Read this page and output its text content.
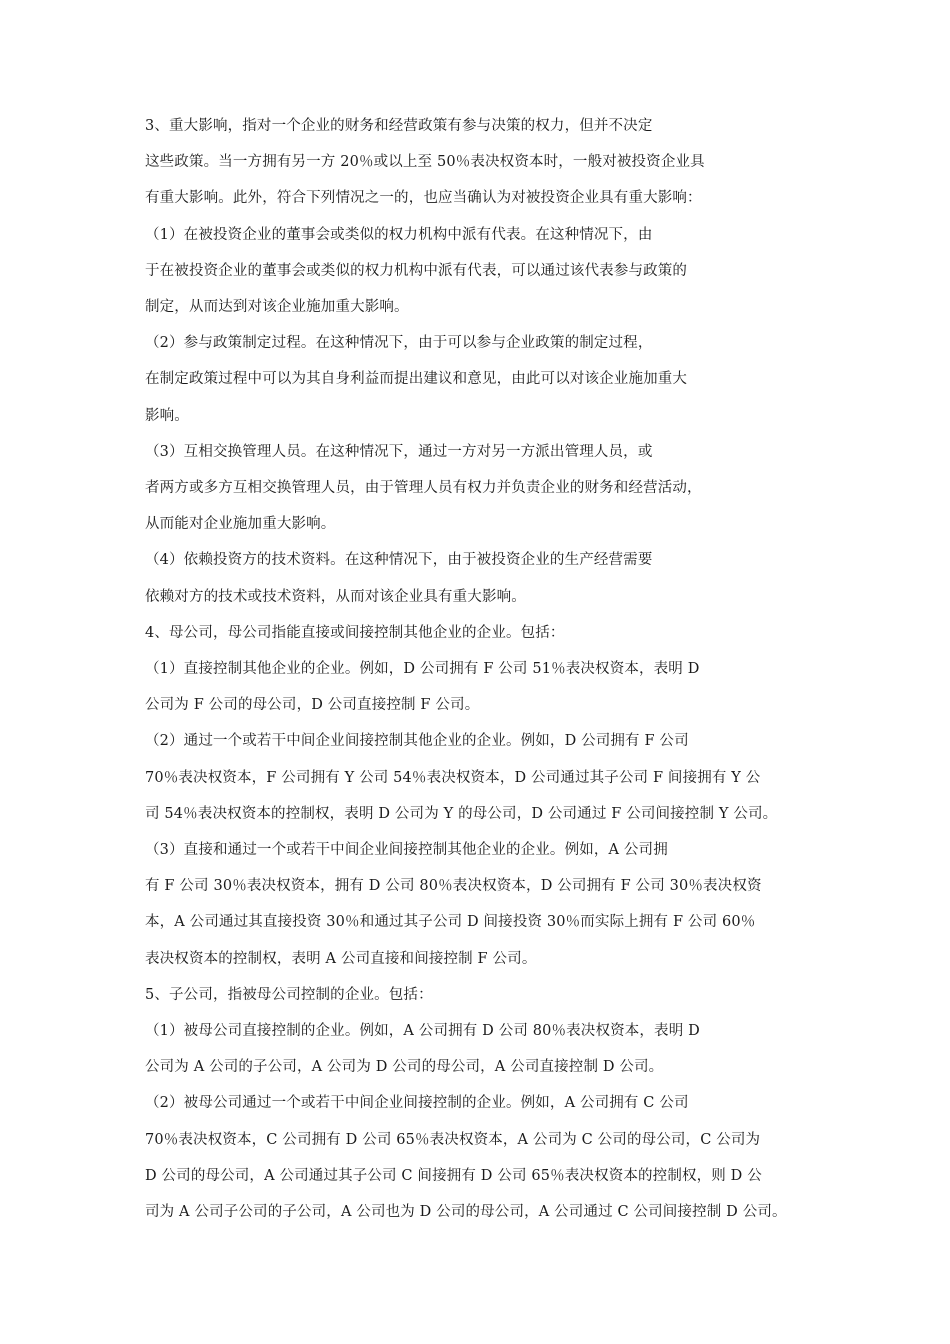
3、重大影响，指对一个企业的财务和经营政策有参与决策的权力，但并不决定
这些政策。当一方拥有另一方 20％或以上至 50％表决权资本时，一般对被投资企业具
有重大影响。此外，符合下列情况之一的，也应当确认为对被投资企业具有重大影响：
（1）在被投资企业的董事会或类似的权力机构中派有代表。在这种情况下，由
于在被投资企业的董事会或类似的权力机构中派有代表，可以通过该代表参与政策的
制定，从而达到对该企业施加重大影响。
（2）参与政策制定过程。在这种情况下，由于可以参与企业政策的制定过程，
在制定政策过程中可以为其自身利益而提出建议和意见，由此可以对该企业施加重大
影响。
（3）互相交换管理人员。在这种情况下，通过一方对另一方派出管理人员，或
者两方或多方互相交换管理人员，由于管理人员有权力并负责企业的财务和经营活动，
从而能对企业施加重大影响。
（4）依赖投资方的技术资料。在这种情况下，由于被投资企业的生产经营需要
依赖对方的技术或技术资料，从而对该企业具有重大影响。
4、母公司，母公司指能直接或间接控制其他企业的企业。包括：
（1）直接控制其他企业的企业。例如，D 公司拥有 F 公司 51％表决权资本，表明 D
公司为 F 公司的母公司，D 公司直接控制 F 公司。
（2）通过一个或若干中间企业间接控制其他企业的企业。例如，D 公司拥有 F 公司
70％表决权资本，F 公司拥有 Y 公司 54％表决权资本，D 公司通过其子公司 F 间接拥有 Y 公
司 54％表决权资本的控制权，表明 D 公司为 Y 的母公司，D 公司通过 F 公司间接控制 Y 公司。
（3）直接和通过一个或若干中间企业间接控制其他企业的企业。例如，A 公司拥
有 F 公司 30％表决权资本，拥有 D 公司 80％表决权资本，D 公司拥有 F 公司 30％表决权资
本，A 公司通过其直接投资 30％和通过其子公司 D 间接投资 30％而实际上拥有 F 公司 60％
表决权资本的控制权，表明 A 公司直接和间接控制 F 公司。
5、子公司，指被母公司控制的企业。包括：
（1）被母公司直接控制的企业。例如，A 公司拥有 D 公司 80％表决权资本，表明 D
公司为 A 公司的子公司，A 公司为 D 公司的母公司，A 公司直接控制 D 公司。
（2）被母公司通过一个或若干中间企业间接控制的企业。例如，A 公司拥有 C 公司
70％表决权资本，C 公司拥有 D 公司 65％表决权资本，A 公司为 C 公司的母公司，C 公司为
D 公司的母公司，A 公司通过其子公司 C 间接拥有 D 公司 65％表决权资本的控制权，则 D 公
司为 A 公司子公司的子公司，A 公司也为 D 公司的母公司，A 公司通过 C 公司间接控制 D 公司。
